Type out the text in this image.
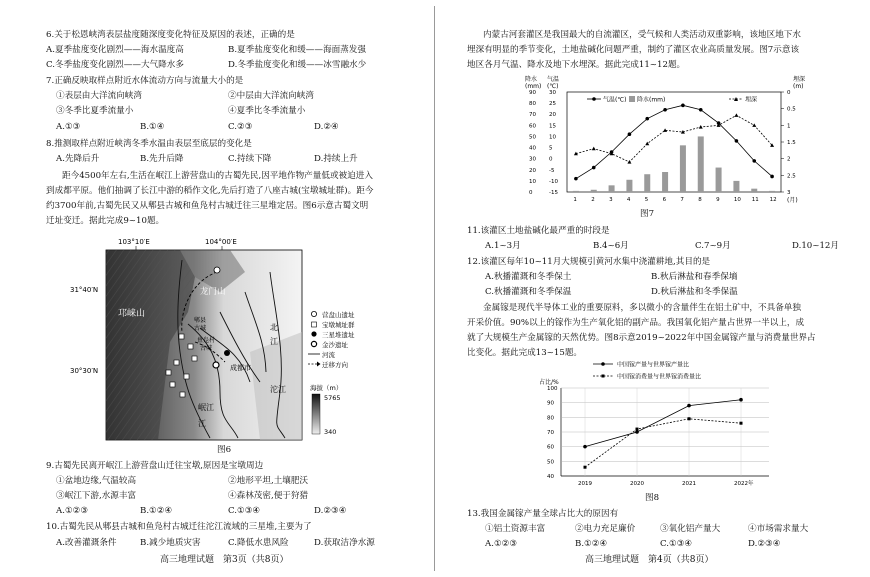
6.关于松恩峡湾表层盐度随深度变化特征及原因的表述，正确的是
A.夏季盐度变化剧烈——海水温度高	B.夏季盐度变化和缓——海面蒸发强
C.冬季盐度变化剧烈——大气降水多	D.冬季盐度变化和缓——冰雪融水少
7.正确反映取样点附近水体流动方向与流量大小的是
①表层由大洋流向峡湾	②中层由大洋流向峡湾
③冬季比夏季流量小	④夏季比冬季流量小
A.①③	B.①④	C.②③	D.②④
8.推测取样点附近峡湾冬季水温由表层至底层的变化是
A.先降后升	B.先升后降	C.持续下降	D.持续上升
距今4500年左右,生活在岷江上游营盘山的古蜀先民,因平地作物产量低或被迫进入
到成都平原。他们抽调了长江中游的稻作文化,先后打造了八座古城(宝墩城址群)。距今
约3700年前,古蜀先民又从郫县古城和鱼凫村古城迁往三星堆定居。图6示意古蜀文明
迁址变迁。据此完成9~10题。
103°10′E	104°00′E
31°40′N
30°30′N
邛崃山
龙门山
成都市
郫县
古城
鱼凫村
古城
北
江
沱江
岷江
江
营盘山遗址
宝墩城址群
三星堆遗址
金沙遗址
河流
迁移方向
海拔（m）
5765
340
图6
9.古蜀先民离开岷江上游营盘山迁往宝墩,原因是宝墩周边
①盆地边缘,气温较高	②地形平坦,土壤肥沃
③岷江下游,水源丰富	④森林茂密,便于狩猎
A.①②③	B.①②④	C.①③④	D.②③④
10.古蜀先民从郫县古城和鱼凫村古城迁往沱江流域的三星堆,主要为了
A.改善灌溉条件	B.减少地质灾害	C.降低水患风险	D.获取洁净水源
高三地理试题　第3页（共8页）
内蒙古河套灌区是我国最大的自流灌区，受气候和人类活动双重影响，该地区地下水
埋深有明显的季节变化，土地盐碱化问题严重，制约了灌区农业高质量发展。图7示意该
地区各月气温、降水及地下水埋深。据此完成11~12题。
降水
(mm)
气温
(℃)
埋深
(m)
90 30
80 25
70 20
60 15
50 10
40 5
30 0
20 -5
10 -10
0	-15
0
0.5
1
1.5
2
2.5
3
1	2	3	4	5	6	7	8	9	10 11 12
气温(℃) 降水(mm)	埋深
(月)
图7
11.该灌区土地盐碱化最严重的时段是
A.1~3月	B.4~6月	C.7~9月	D.10~12月
12.该灌区每年10~11月大规模引黄河水集中浇灌耕地,其目的是
A.秋播灌溉和冬季保土	B.秋后淋盐和春季保墒
C.秋播灌溉和冬季保温	D.秋后淋盐和冬季保温
金属镓是现代半导体工业的重要原料，多以微小的含量伴生在铝土矿中，不具备单独
开采价值。90%以上的镓作为生产氧化铝的副产品。我国氧化铝产量占世界一半以上，成
就了大规模生产金属镓的天然优势。图8示意2019~2022年中国金属镓产量与消费量世界占
比变化。据此完成13~15题。
中国镓产量与世界镓产量比
中国镓消费量与世界镓消费量比
占比/%
100
90
80
70
60
50
40
2019	2020	2021	2022年
图8
13.我国金属镓产量全球占比大的原因有
①铝土资源丰富	②电力充足廉价	③氧化铝产量大	④市场需求量大
A.①②③	B.①②④	C.①③④	D.②③④
高三地理试题　第4页（共8页）
